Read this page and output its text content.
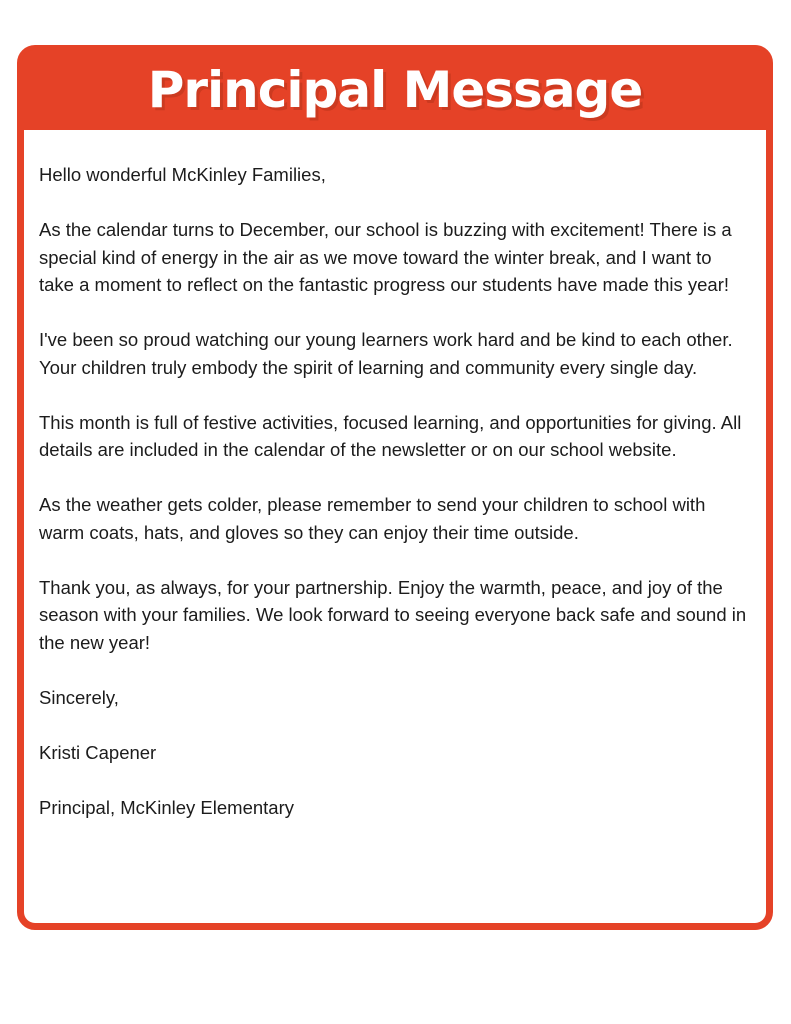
Principal Message

Hello wonderful McKinley Families,

As the calendar turns to December, our school is buzzing with excitement! There is a special kind of energy in the air as we move toward the winter break, and I want to take a moment to reflect on the fantastic progress our students have made this year!

I've been so proud watching our young learners work hard and be kind to each other. Your children truly embody the spirit of learning and community every single day.

This month is full of festive activities, focused learning, and opportunities for giving. All details are included in the calendar of the newsletter or on our school website.

As the weather gets colder, please remember to send your children to school with warm coats, hats, and gloves so they can enjoy their time outside.

Thank you, as always, for your partnership. Enjoy the warmth, peace, and joy of the season with your families. We look forward to seeing everyone back safe and sound in the new year!

Sincerely,

Kristi Capener

Principal, McKinley Elementary
